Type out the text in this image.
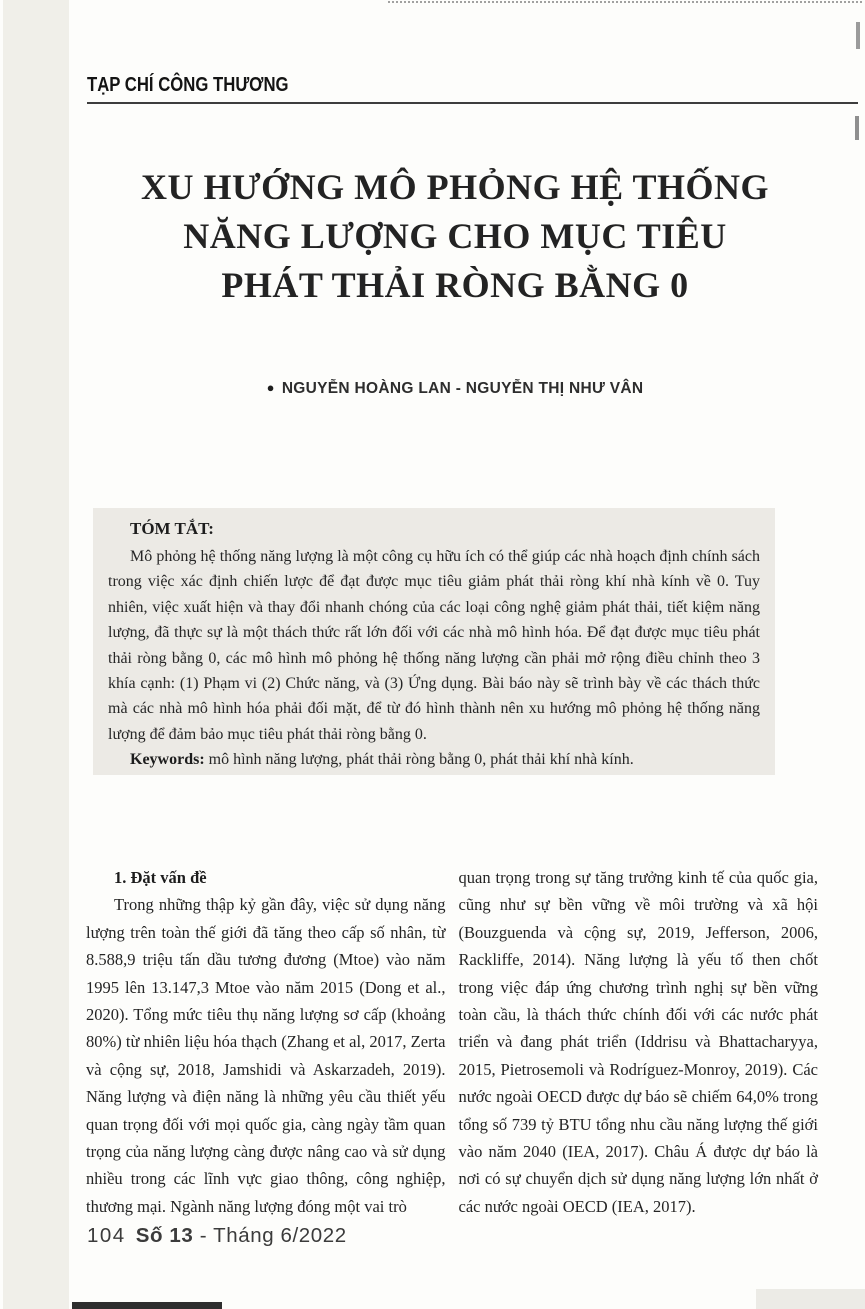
TẠP CHÍ CÔNG THƯƠNG
XU HƯỚNG MÔ PHỎNG HỆ THỐNG
NĂNG LƯỢNG CHO MỤC TIÊU
PHÁT THẢI RÒNG BẰNG 0
● NGUYỄN HOÀNG LAN - NGUYỄN THỊ NHƯ VÂN
TÓM TẮT:
Mô phỏng hệ thống năng lượng là một công cụ hữu ích có thể giúp các nhà hoạch định chính sách trong việc xác định chiến lược để đạt được mục tiêu giảm phát thải ròng khí nhà kính về 0. Tuy nhiên, việc xuất hiện và thay đổi nhanh chóng của các loại công nghệ giảm phát thải, tiết kiệm năng lượng, đã thực sự là một thách thức rất lớn đối với các nhà mô hình hóa. Để đạt được mục tiêu phát thải ròng bằng 0, các mô hình mô phỏng hệ thống năng lượng cần phải mở rộng điều chỉnh theo 3 khía cạnh: (1) Phạm vi (2) Chức năng, và (3) Ứng dụng. Bài báo này sẽ trình bày về các thách thức mà các nhà mô hình hóa phải đối mặt, để từ đó hình thành nên xu hướng mô phỏng hệ thống năng lượng để đảm bảo mục tiêu phát thải ròng bằng 0.
Keywords: mô hình năng lượng, phát thải ròng bằng 0, phát thải khí nhà kính.
1. Đặt vấn đề
Trong những thập kỷ gần đây, việc sử dụng năng lượng trên toàn thế giới đã tăng theo cấp số nhân, từ 8.588,9 triệu tấn dầu tương đương (Mtoe) vào năm 1995 lên 13.147,3 Mtoe vào năm 2015 (Dong et al., 2020). Tổng mức tiêu thụ năng lượng sơ cấp (khoảng 80%) từ nhiên liệu hóa thạch (Zhang et al, 2017, Zerta và cộng sự, 2018, Jamshidi và Askarzadeh, 2019). Năng lượng và điện năng là những yêu cầu thiết yếu quan trọng đối với mọi quốc gia, càng ngày tầm quan trọng của năng lượng càng được nâng cao và sử dụng nhiều trong các lĩnh vực giao thông, công nghiệp, thương mại. Ngành năng lượng đóng một vai trò
quan trọng trong sự tăng trưởng kinh tế của quốc gia, cũng như sự bền vững về môi trường và xã hội (Bouzguenda và cộng sự, 2019, Jefferson, 2006, Rackliffe, 2014). Năng lượng là yếu tố then chốt trong việc đáp ứng chương trình nghị sự bền vững toàn cầu, là thách thức chính đối với các nước phát triển và đang phát triển (Iddrisu và Bhattacharyya, 2015, Pietrosemoli và Rodríguez-Monroy, 2019). Các nước ngoài OECD được dự báo sẽ chiếm 64,0% trong tổng số 739 tỷ BTU tổng nhu cầu năng lượng thế giới vào năm 2040 (IEA, 2017). Châu Á được dự báo là nơi có sự chuyển dịch sử dụng năng lượng lớn nhất ở các nước ngoài OECD (IEA, 2017).
104 Số 13 - Tháng 6/2022
